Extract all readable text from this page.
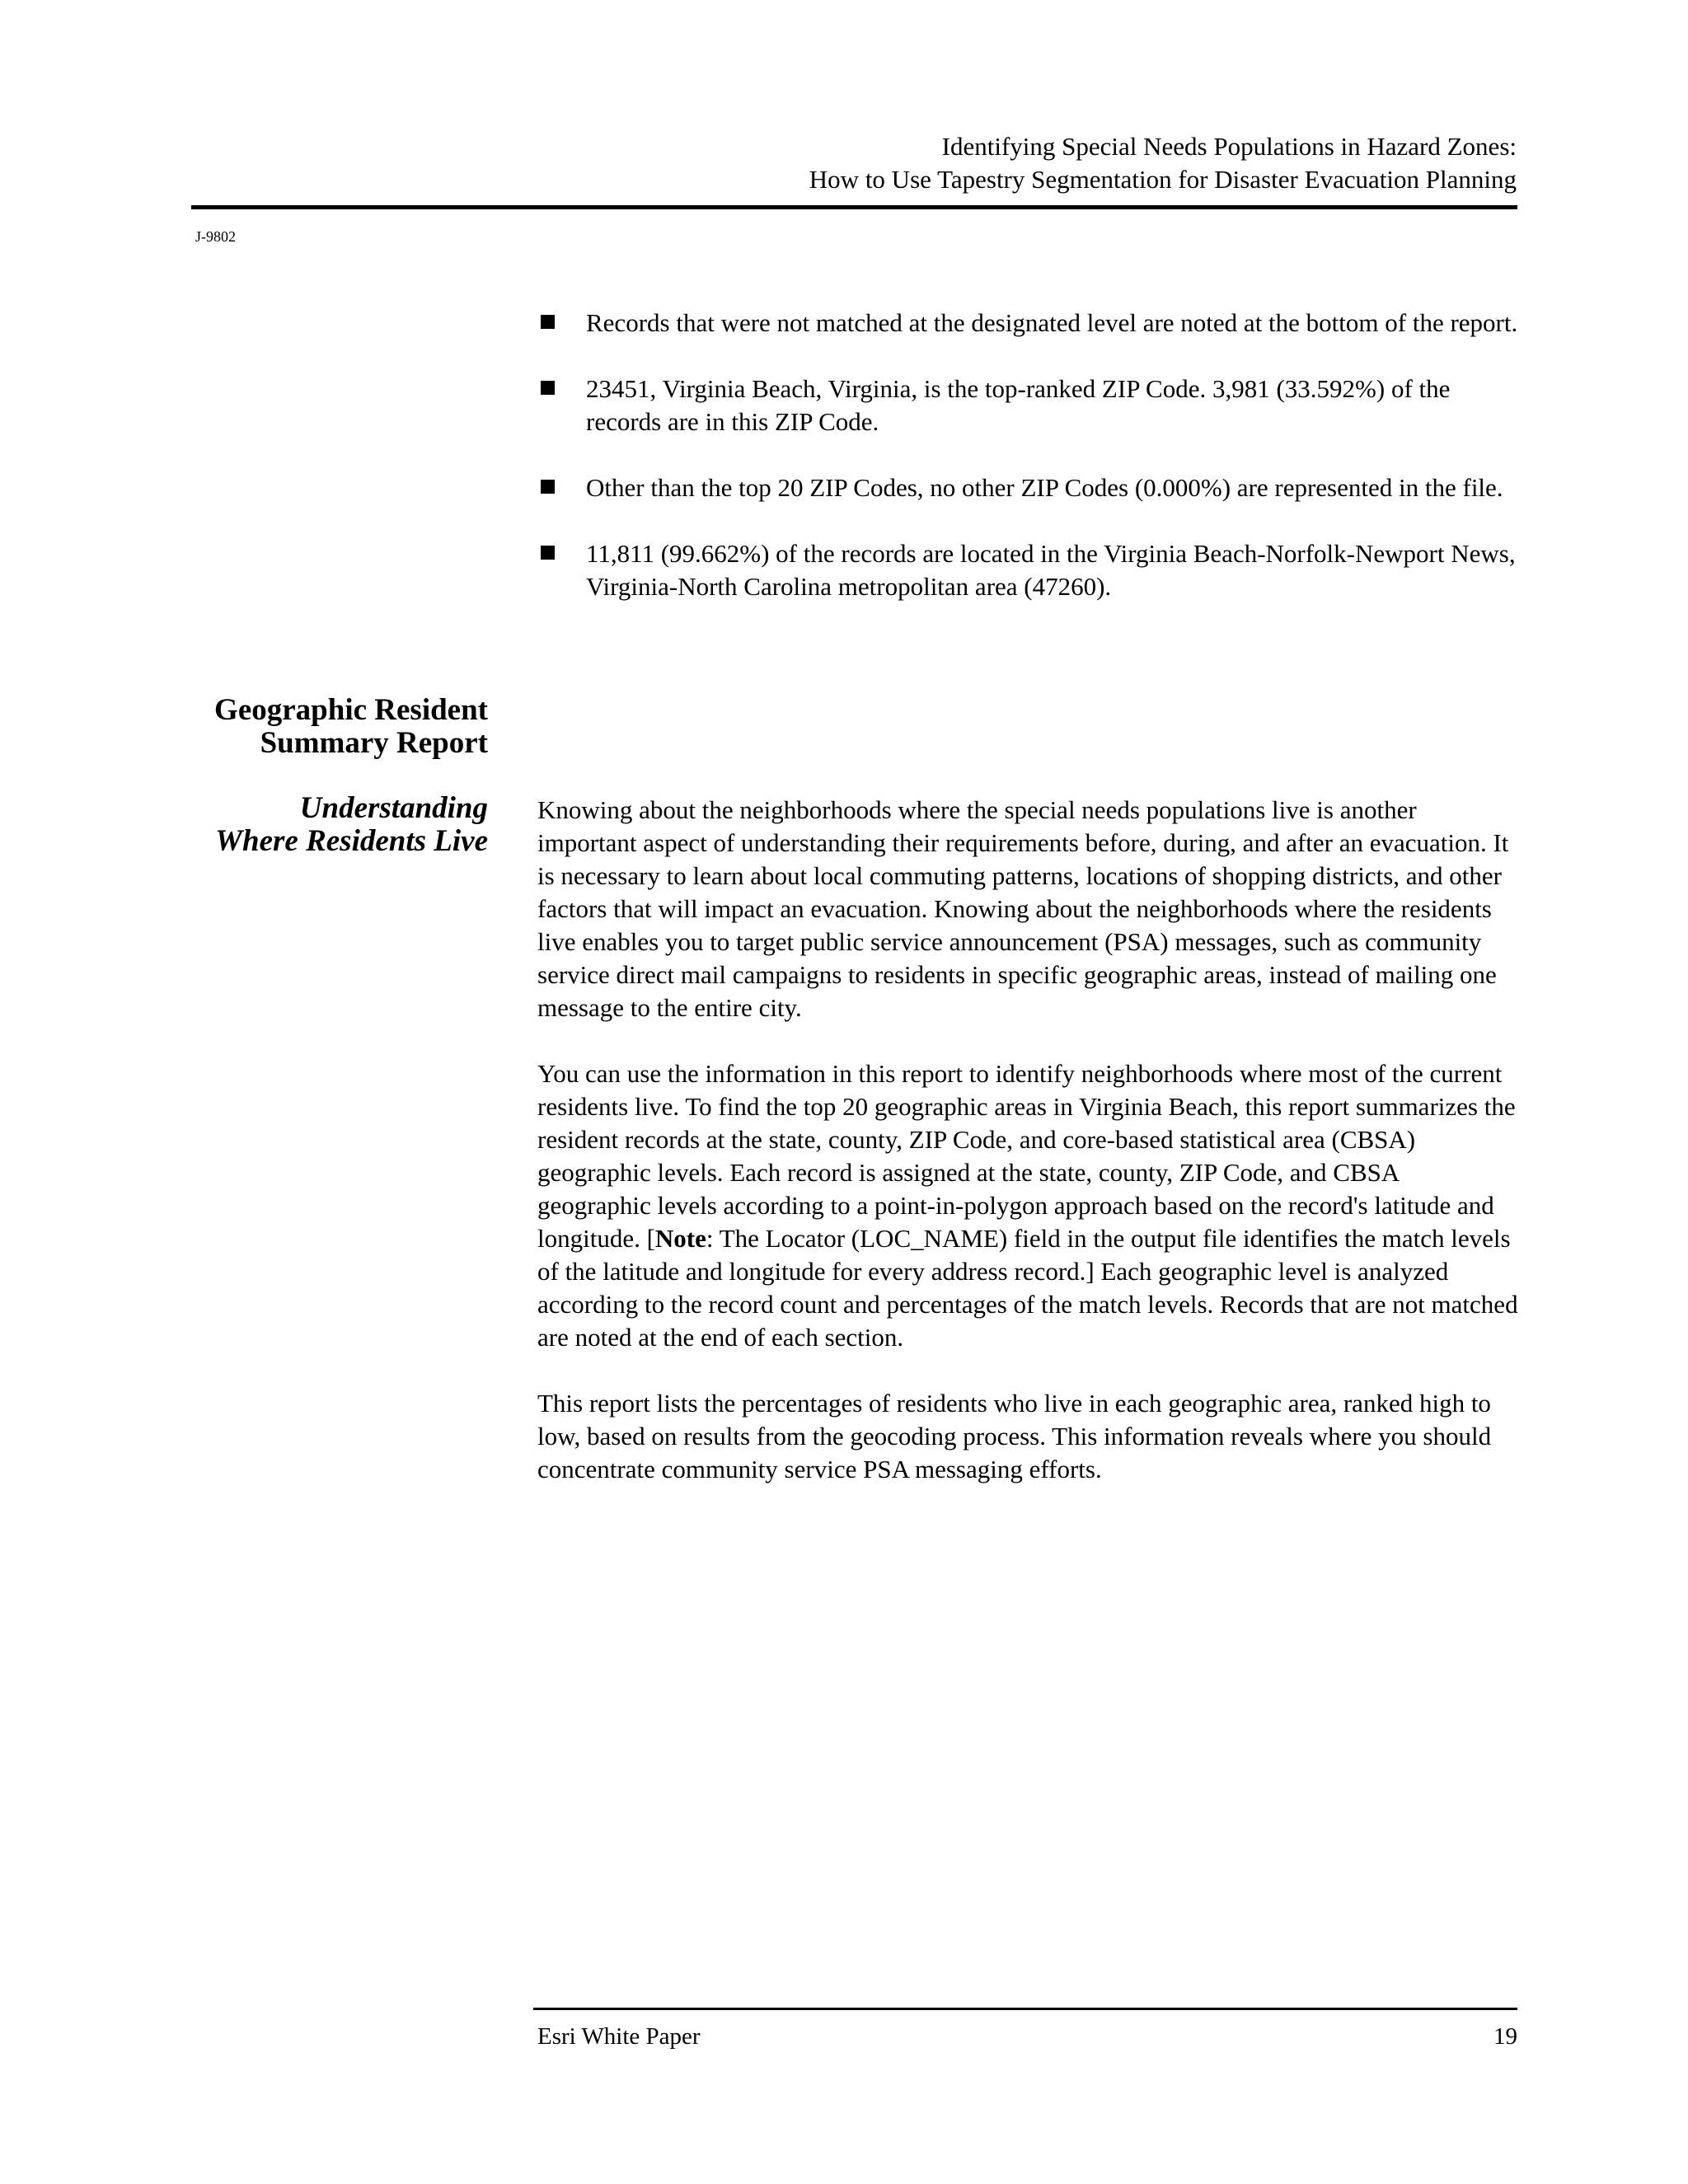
Identifying Special Needs Populations in Hazard Zones:
How to Use Tapestry Segmentation for Disaster Evacuation Planning
J-9802
Records that were not matched at the designated level are noted at the bottom of the report.
23451, Virginia Beach, Virginia, is the top-ranked ZIP Code. 3,981 (33.592%) of the records are in this ZIP Code.
Other than the top 20 ZIP Codes, no other ZIP Codes (0.000%) are represented in the file.
11,811 (99.662%) of the records are located in the Virginia Beach-Norfolk-Newport News, Virginia-North Carolina metropolitan area (47260).
Geographic Resident
Summary Report
Understanding
Where Residents Live

Knowing about the neighborhoods where the special needs populations live is another important aspect of understanding their requirements before, during, and after an evacuation. It is necessary to learn about local commuting patterns, locations of shopping districts, and other factors that will impact an evacuation. Knowing about the neighborhoods where the residents live enables you to target public service announcement (PSA) messages, such as community service direct mail campaigns to residents in specific geographic areas, instead of mailing one message to the entire city.

You can use the information in this report to identify neighborhoods where most of the current residents live. To find the top 20 geographic areas in Virginia Beach, this report summarizes the resident records at the state, county, ZIP Code, and core-based statistical area (CBSA) geographic levels. Each record is assigned at the state, county, ZIP Code, and CBSA geographic levels according to a point-in-polygon approach based on the record's latitude and longitude. [Note: The Locator (LOC_NAME) field in the output file identifies the match levels of the latitude and longitude for every address record.] Each geographic level is analyzed according to the record count and percentages of the match levels. Records that are not matched are noted at the end of each section.

This report lists the percentages of residents who live in each geographic area, ranked high to low, based on results from the geocoding process. This information reveals where you should concentrate community service PSA messaging efforts.

Esri White Paper	19
